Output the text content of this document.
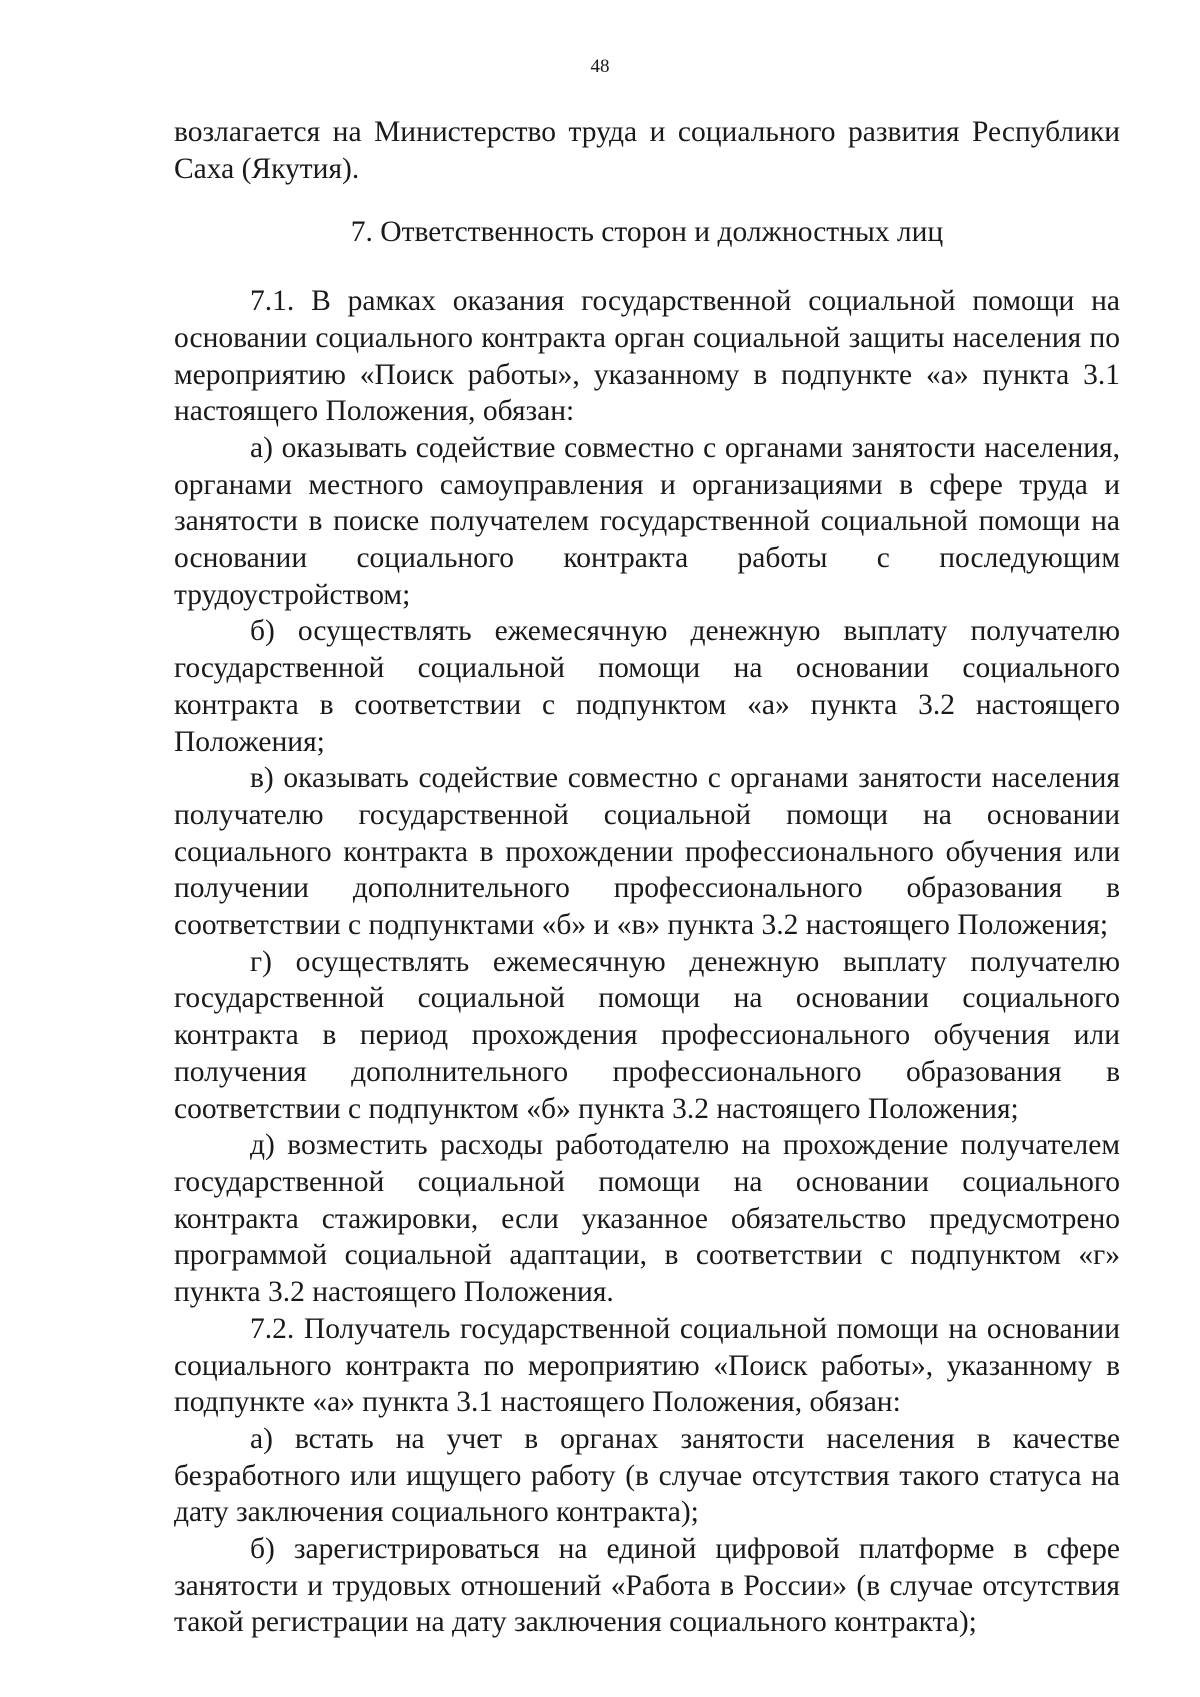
48

возлагается на Министерство труда и социального развития Республики Саха (Якутия).

7. Ответственность сторон и должностных лиц

7.1. В рамках оказания государственной социальной помощи на основании социального контракта орган социальной защиты населения по мероприятию «Поиск работы», указанному в подпункте «а» пункта 3.1 настоящего Положения, обязан:

а) оказывать содействие совместно с органами занятости населения, органами местного самоуправления и организациями в сфере труда и занятости в поиске получателем государственной социальной помощи на основании социального контракта работы с последующим трудоустройством;

б) осуществлять ежемесячную денежную выплату получателю государственной социальной помощи на основании социального контракта в соответствии с подпунктом «а» пункта 3.2 настоящего Положения;

в) оказывать содействие совместно с органами занятости населения получателю государственной социальной помощи на основании социального контракта в прохождении профессионального обучения или получении дополнительного профессионального образования в соответствии с подпунктами «б» и «в» пункта 3.2 настоящего Положения;

г) осуществлять ежемесячную денежную выплату получателю государственной социальной помощи на основании социального контракта в период прохождения профессионального обучения или получения дополнительного профессионального образования в соответствии с подпунктом «б» пункта 3.2 настоящего Положения;

д) возместить расходы работодателю на прохождение получателем государственной социальной помощи на основании социального контракта стажировки, если указанное обязательство предусмотрено программой социальной адаптации, в соответствии с подпунктом «г» пункта 3.2 настоящего Положения.

7.2. Получатель государственной социальной помощи на основании социального контракта по мероприятию «Поиск работы», указанному в подпункте «а» пункта 3.1 настоящего Положения, обязан:

а) встать на учет в органах занятости населения в качестве безработного или ищущего работу (в случае отсутствия такого статуса на дату заключения социального контракта);

б) зарегистрироваться на единой цифровой платформе в сфере занятости и трудовых отношений «Работа в России» (в случае отсутствия такой регистрации на дату заключения социального контракта);
